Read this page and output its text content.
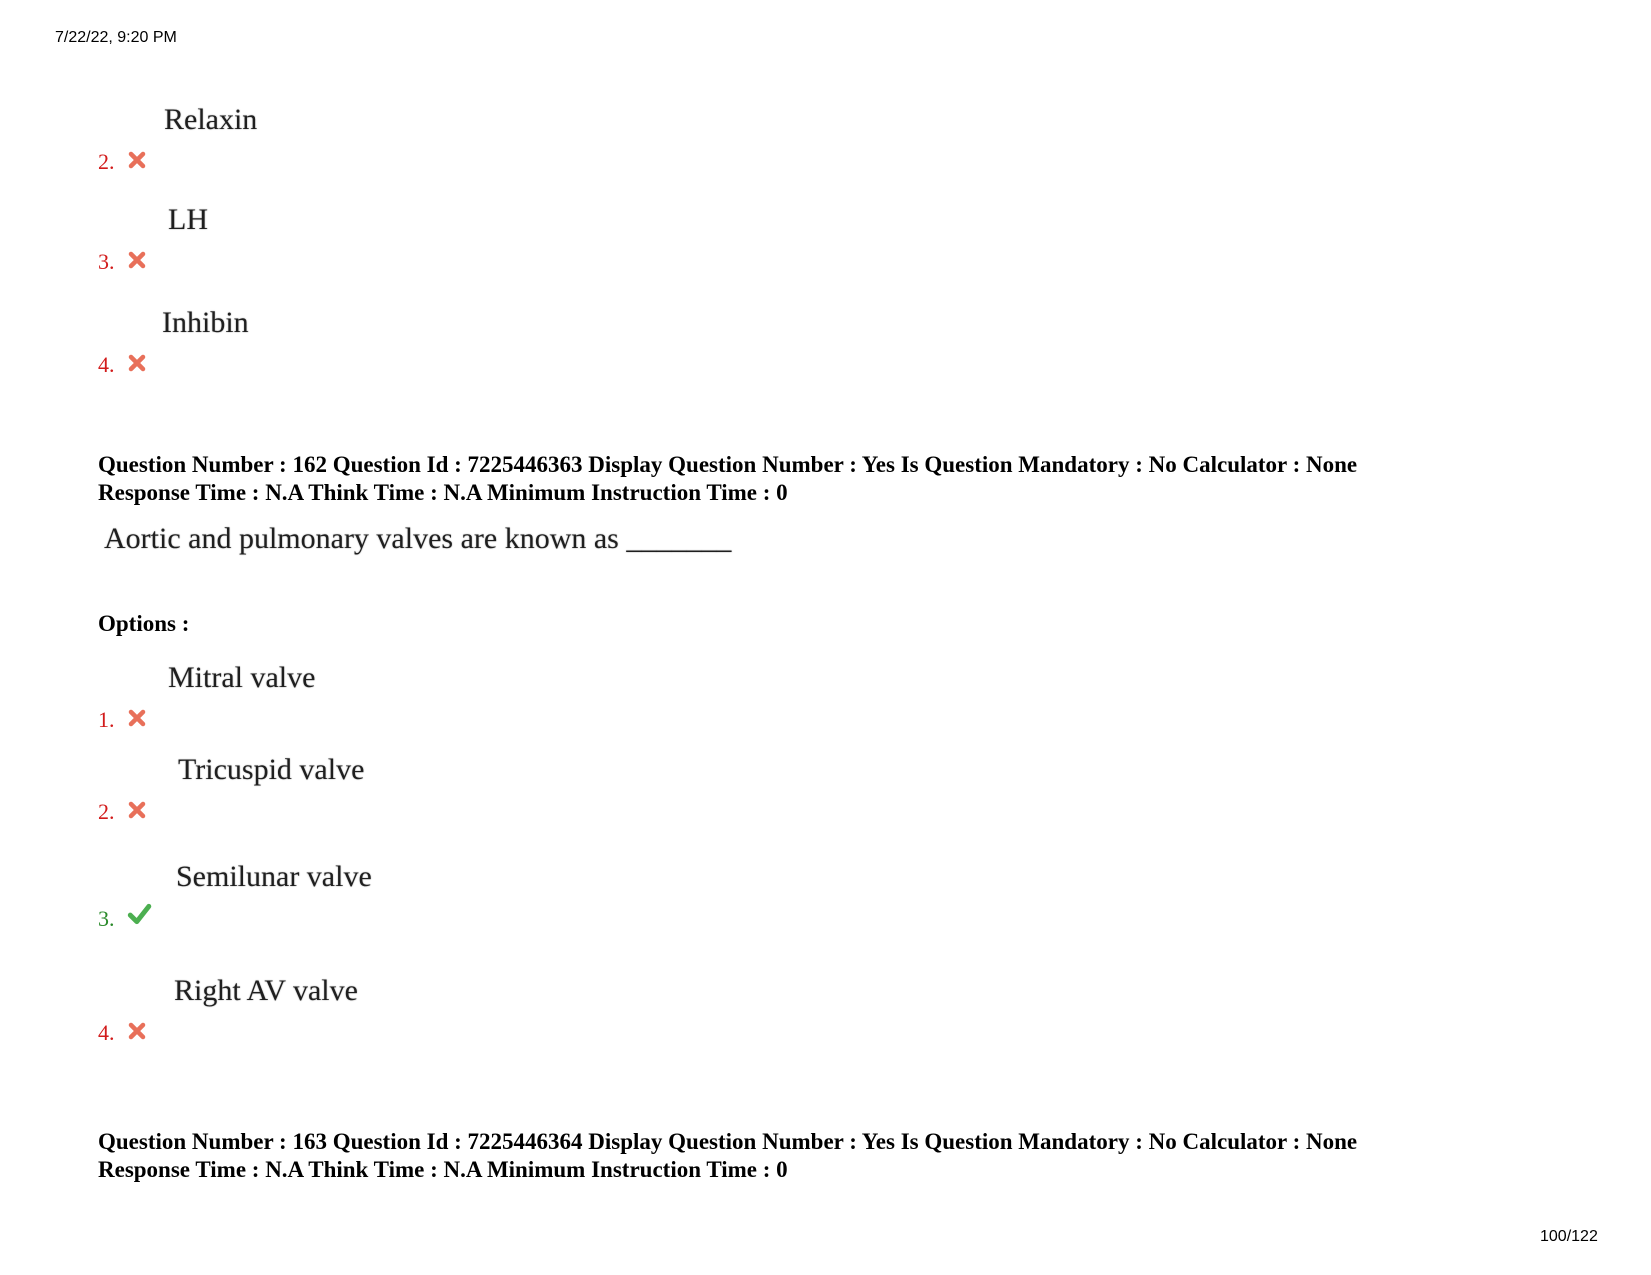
7/22/22, 9:20 PM
Relaxin
2.
LH
3.
Inhibin
4.
Question Number : 162 Question Id : 7225446363 Display Question Number : Yes Is Question Mandatory : No Calculator : None
Response Time : N.A Think Time : N.A Minimum Instruction Time : 0
Aortic and pulmonary valves are known as _______
Options :
Mitral valve
1.
Tricuspid valve
2.
Semilunar valve
3.
Right AV valve
4.
Question Number : 163 Question Id : 7225446364 Display Question Number : Yes Is Question Mandatory : No Calculator : None
Response Time : N.A Think Time : N.A Minimum Instruction Time : 0
100/122
